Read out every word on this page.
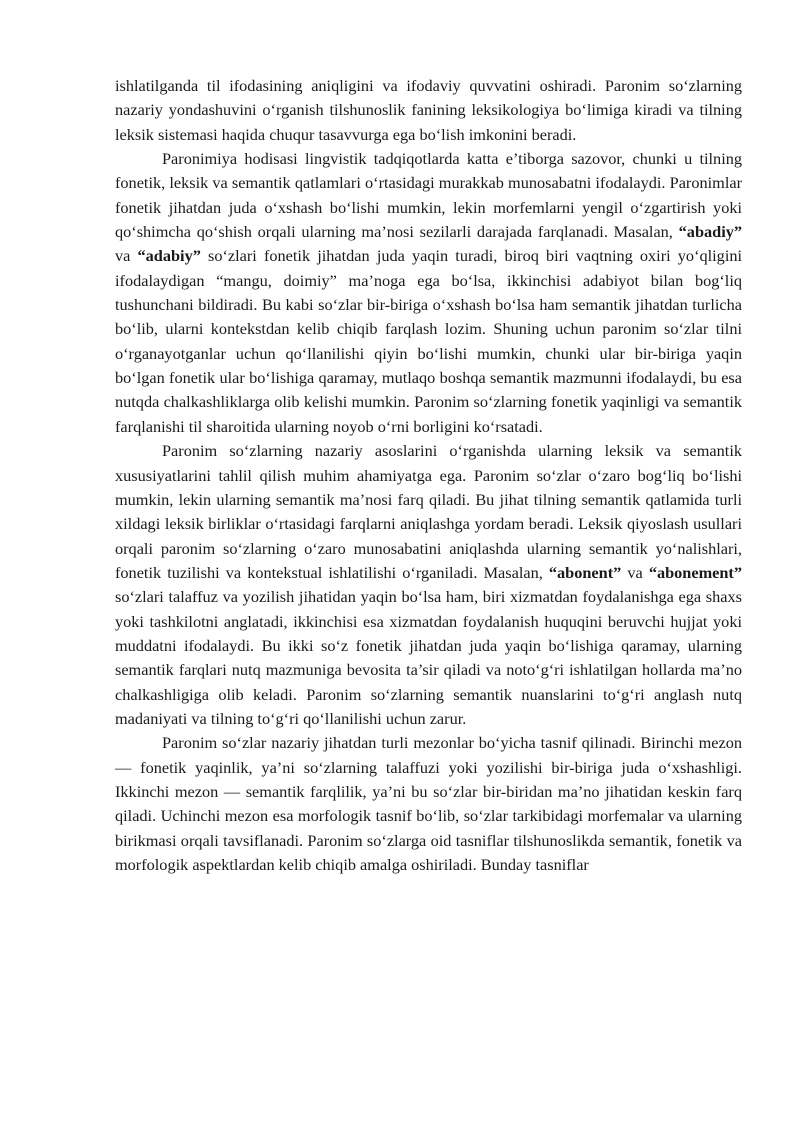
ishlatilganda til ifodasining aniqligini va ifodaviy quvvatini oshiradi. Paronim so‘zlarning nazariy yondashuvini o‘rganish tilshunoslik fanining leksikologiya bo‘limiga kiradi va tilning leksik sistemasi haqida chuqur tasavvurga ega bo‘lish imkonini beradi.

Paronimiya hodisasi lingvistik tadqiqotlarda katta e’tiborga sazovor, chunki u tilning fonetik, leksik va semantik qatlamlari o‘rtasidagi murakkab munosabatni ifodalaydi. Paronimlar fonetik jihatdan juda o‘xshash bo‘lishi mumkin, lekin morfemlarni yengil o‘zgartirish yoki qo‘shimcha qo‘shish orqali ularning ma’nosi sezilarli darajada farqlanadi. Masalan, “abadiy” va “adabiy” so‘zlari fonetik jihatdan juda yaqin turadi, biroq biri vaqtning oxiri yo‘qligini ifodalaydigan “mangu, doimiy” ma’noga ega bo‘lsa, ikkinchisi adabiyot bilan bog‘liq tushunchani bildiradi. Bu kabi so‘zlar bir-biriga o‘xshash bo‘lsa ham semantik jihatdan turlicha bo‘lib, ularni kontekstdan kelib chiqib farqlash lozim. Shuning uchun paronim so‘zlar tilni o‘rganayotganlar uchun qo‘llanilishi qiyin bo‘lishi mumkin, chunki ular bir-biriga yaqin bo‘lgan fonetik ular bo‘lishiga qaramay, mutlaqo boshqa semantik mazmunni ifodalaydi, bu esa nutqda chalkashliklarga olib kelishi mumkin. Paronim so‘zlarning fonetik yaqinligi va semantik farqlanishi til sharoitida ularning noyob o‘rni borligini ko‘rsatadi.

Paronim so‘zlarning nazariy asoslarini o‘rganishda ularning leksik va semantik xususiyatlarini tahlil qilish muhim ahamiyatga ega. Paronim so‘zlar o‘zaro bog‘liq bo‘lishi mumkin, lekin ularning semantik ma’nosi farq qiladi. Bu jihat tilning semantik qatlamida turli xildagi leksik birliklar o‘rtasidagi farqlarni aniqlashga yordam beradi. Leksik qiyoslash usullari orqali paronim so‘zlarning o‘zaro munosabatini aniqlashda ularning semantik yo‘nalishlari, fonetik tuzilishi va kontekstual ishlatilishi o‘rganiladi. Masalan, “abonent” va “abonement” so‘zlari talaffuz va yozilish jihatidan yaqin bo‘lsa ham, biri xizmatdan foydalanishga ega shaxs yoki tashkilotni anglatadi, ikkinchisi esa xizmatdan foydalanish huquqini beruvchi hujjat yoki muddatni ifodalaydi. Bu ikki so‘z fonetik jihatdan juda yaqin bo‘lishiga qaramay, ularning semantik farqlari nutq mazmuniga bevosita ta’sir qiladi va noto‘g‘ri ishlatilgan hollarda ma’no chalkashligiga olib keladi. Paronim so‘zlarning semantik nuanslarini to‘g‘ri anglash nutq madaniyati va tilning to‘g‘ri qo‘llanilishi uchun zarur.

Paronim so‘zlar nazariy jihatdan turli mezonlar bo‘yicha tasnif qilinadi. Birinchi mezon — fonetik yaqinlik, ya’ni so‘zlarning talaffuzi yoki yozilishi bir-biriga juda o‘xshashligi. Ikkinchi mezon — semantik farqlilik, ya’ni bu so‘zlar bir-biridan ma’no jihatidan keskin farq qiladi. Uchinchi mezon esa morfologik tasnif bo‘lib, so‘zlar tarkibidagi morfemalar va ularning birikmasi orqali tavsiflanadi. Paronim so‘zlarga oid tasniflar tilshunoslikda semantik, fonetik va morfologik aspektlardan kelib chiqib amalga oshiriladi. Bunday tasniflar
